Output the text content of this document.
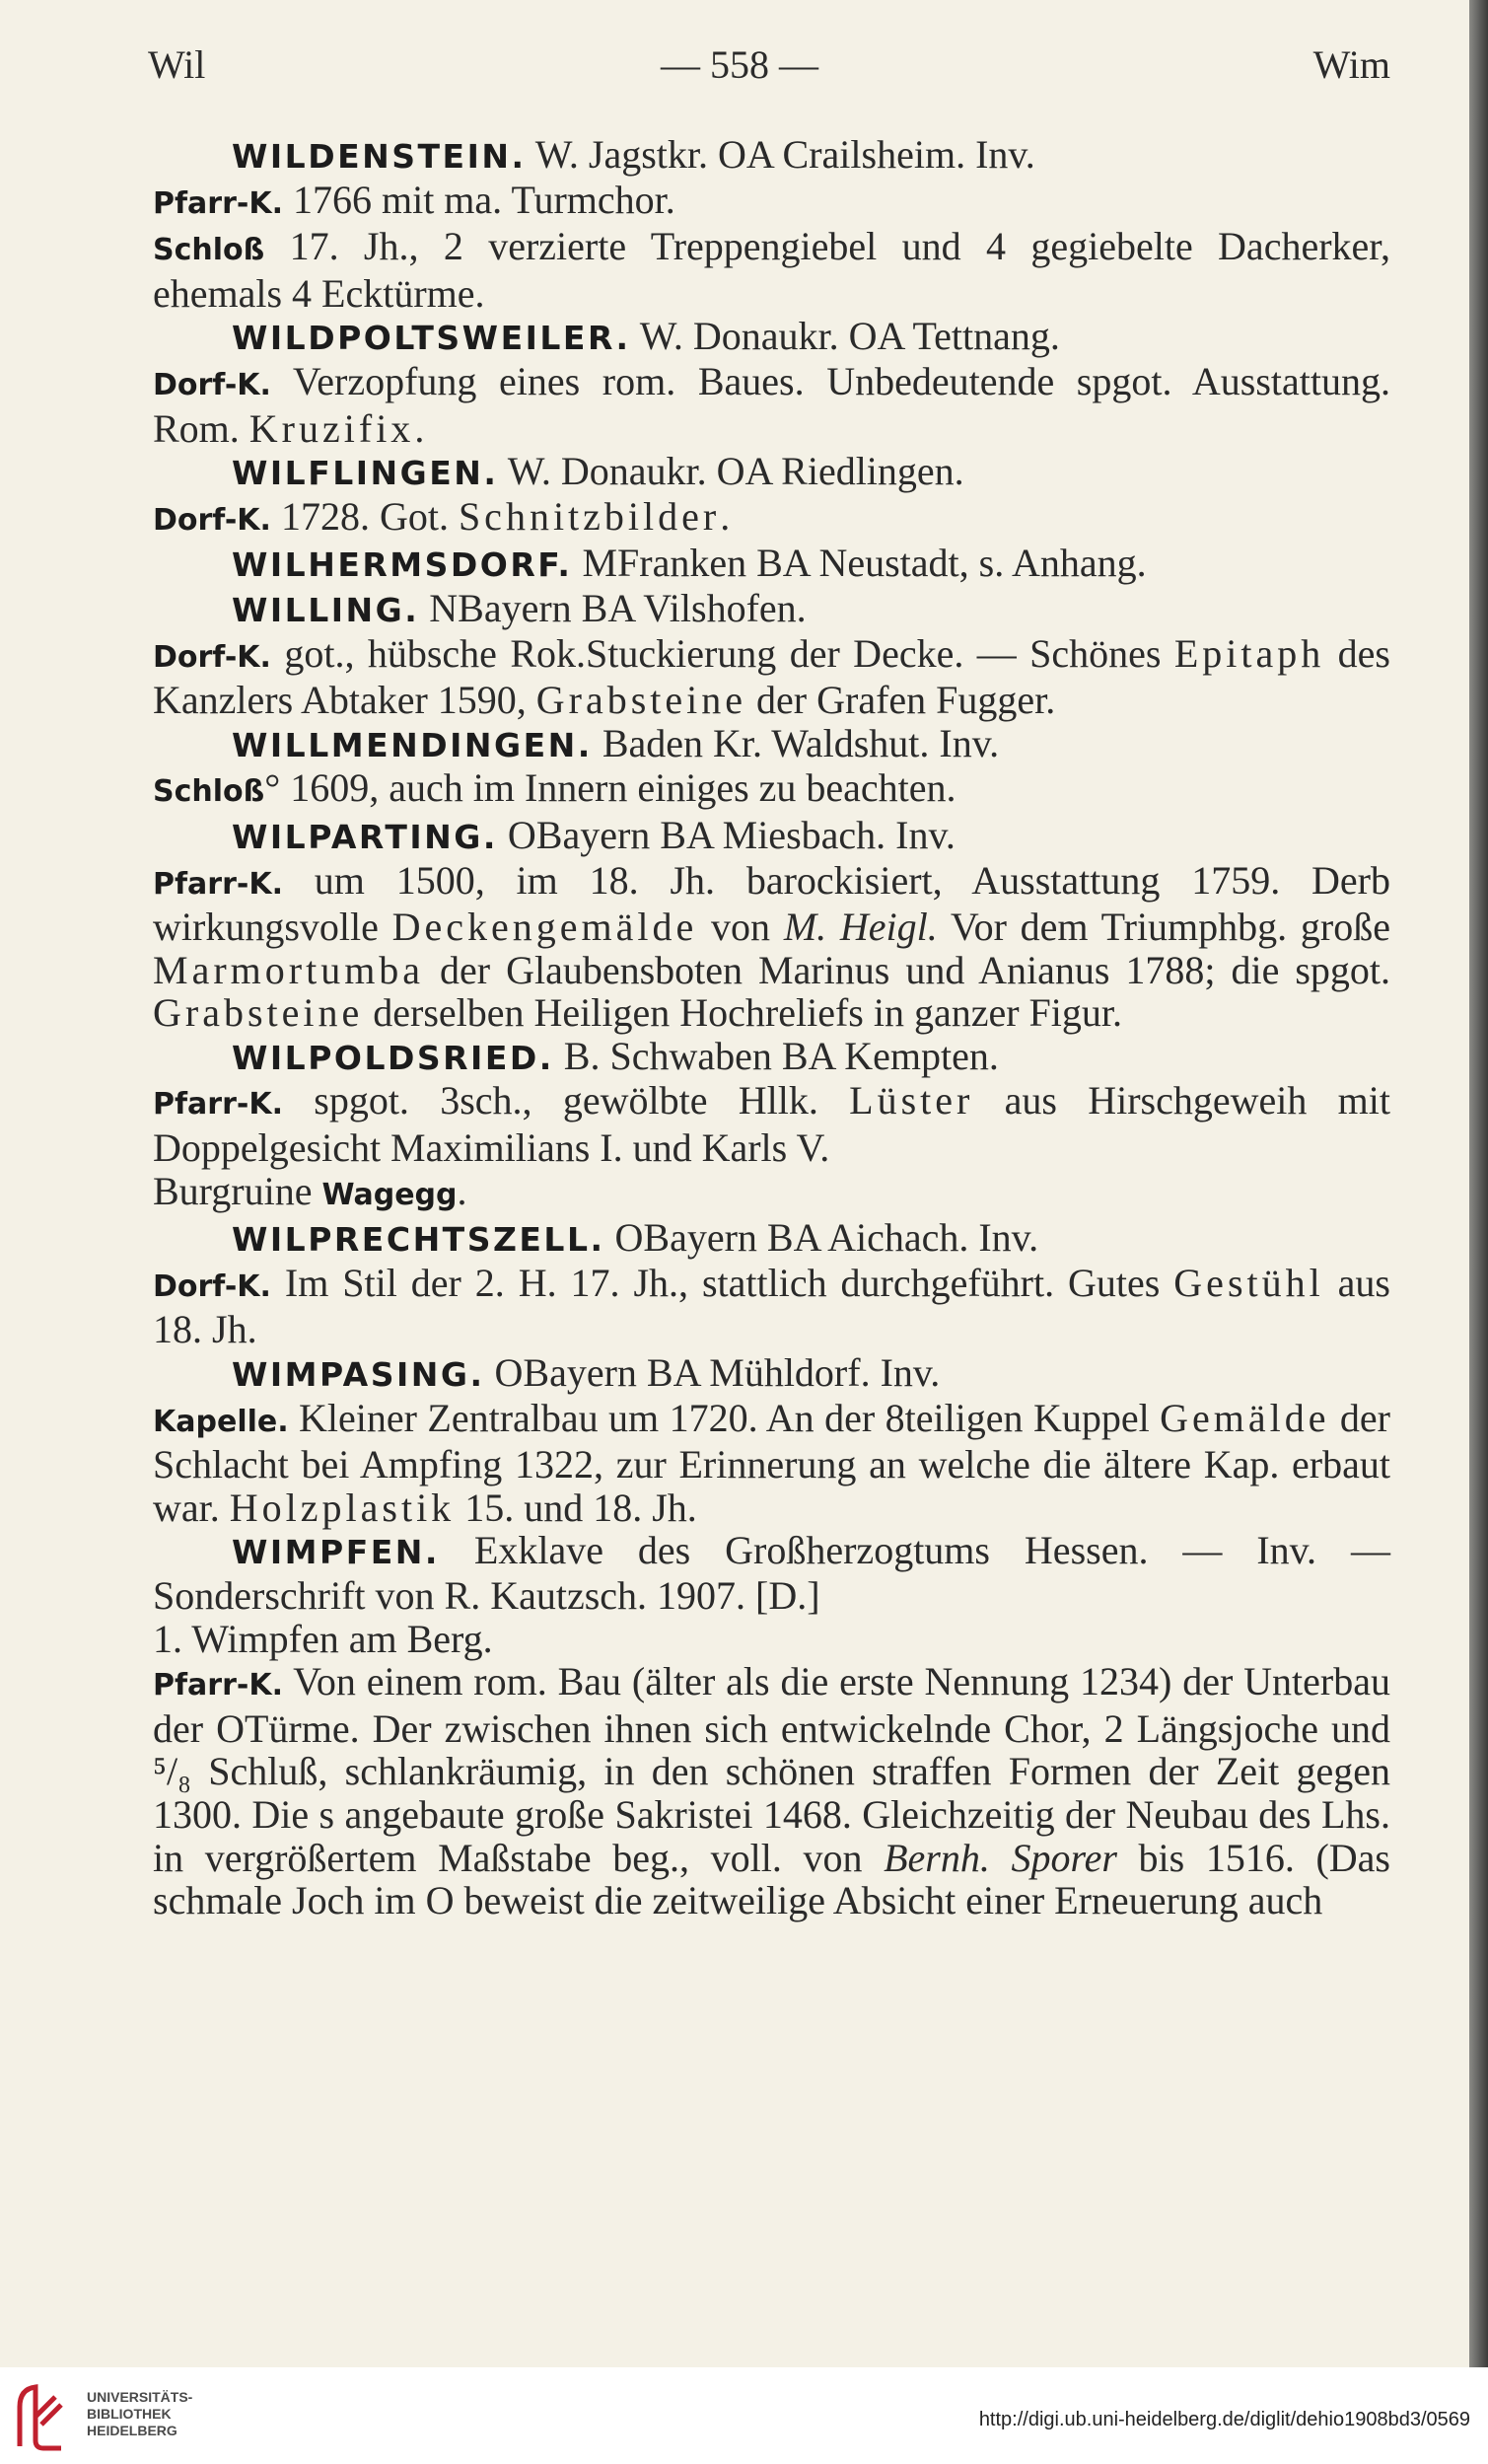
Wil	— 558 —	Wim

WILDENSTEIN. W. Jagstkr. OA Crailsheim. Inv.

Pfarr-K. 1766 mit ma. Turmchor.

Schloß 17. Jh., 2 verzierte Treppengiebel und 4 gegiebelte Dacherker, ehemals 4 Ecktürme.

WILDPOLTSWEILER. W. Donaukr. OA Tettnang.

Dorf-K. Verzopfung eines rom. Baues. Unbedeutende spgot. Ausstattung. Rom. Kruzifix.

WILFLINGEN. W. Donaukr. OA Riedlingen.

Dorf-K. 1728. Got. Schnitzbilder.

WILHERMSDORF. MFranken BA Neustadt, s. Anhang.

WILLING. NBayern BA Vilshofen.

Dorf-K. got., hübsche Rok.Stuckierung der Decke. — Schönes Epitaph des Kanzlers Abtaker 1590, Grabsteine der Grafen Fugger.

WILLMENDINGEN. Baden Kr. Waldshut. Inv.

Schloß° 1609, auch im Innern einiges zu beachten.

WILPARTING. OBayern BA Miesbach. Inv.

Pfarr-K. um 1500, im 18. Jh. barockisiert, Ausstattung 1759. Derb wirkungsvolle Deckengemälde von M. Heigl. Vor dem Triumphbg. große Marmortumba der Glaubensboten Marinus und Anianus 1788; die spgot. Grabsteine derselben Heiligen Hochreliefs in ganzer Figur.

WILPOLDSRIED. B. Schwaben BA Kempten.

Pfarr-K. spgot. 3sch., gewölbte Hllk. Lüster aus Hirschgeweih mit Doppelgesicht Maximilians I. und Karls V.

Burgruine Wagegg.

WILPRECHTSZELL. OBayern BA Aichach. Inv.

Dorf-K. Im Stil der 2. H. 17. Jh., stattlich durchgeführt. Gutes Gestühl aus 18. Jh.

WIMPASING. OBayern BA Mühldorf. Inv.

Kapelle. Kleiner Zentralbau um 1720. An der 8teiligen Kuppel Gemälde der Schlacht bei Ampfing 1322, zur Erinnerung an welche die ältere Kap. erbaut war. Holzplastik 15. und 18. Jh.

WIMPFEN. Exklave des Großherzogtums Hessen. — Inv. — Sonderschrift von R. Kautzsch. 1907. [D.]

1. Wimpfen am Berg.

Pfarr-K. Von einem rom. Bau (älter als die erste Nennung 1234) der Unterbau der OTürme. Der zwischen ihnen sich entwickelnde Chor, 2 Längsjoche und ⁵/₈ Schluß, schlankräumig, in den schönen straffen Formen der Zeit gegen 1300. Die s angebaute große Sakristei 1468. Gleichzeitig der Neubau des Lhs. in vergrößertem Maßstabe beg., voll. von Bernh. Sporer bis 1516. (Das schmale Joch im O beweist die zeitweilige Absicht einer Erneuerung auch

UNIVERSITÄTS-
BIBLIOTHEK
HEIDELBERG	http://digi.ub.uni-heidelberg.de/diglit/dehio1908bd3/0569
